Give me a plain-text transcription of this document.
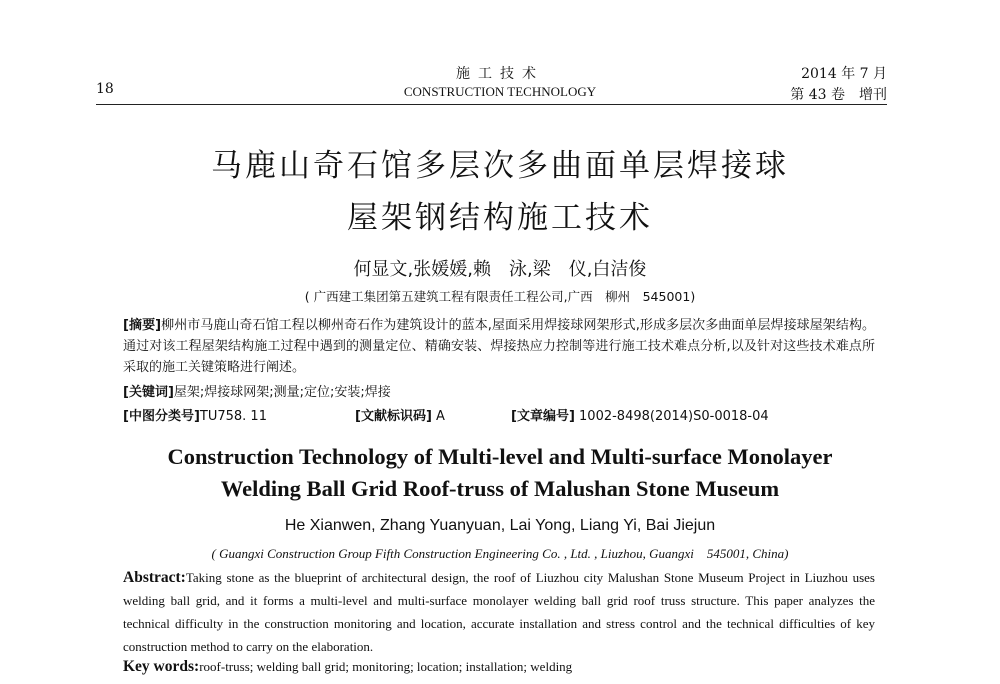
18
施工技术
CONSTRUCTION TECHNOLOGY
2014 年 7 月
第 43 卷　增刊
马鹿山奇石馆多层次多曲面单层焊接球
屋架钢结构施工技术
何显文,张媛媛,赖　泳,梁　仪,白洁俊
( 广西建工集团第五建筑工程有限责任工程公司,广西　柳州　545001)
[摘要]柳州市马鹿山奇石馆工程以柳州奇石作为建筑设计的蓝本,屋面采用焊接球网架形式,形成多层次多曲面单层焊接球屋架结构。通过对该工程屋架结构施工过程中遇到的测量定位、精确安装、焊接热应力控制等进行施工技术难点分析,以及针对这些技术难点所采取的施工关键策略进行阐述。
[关键词]屋架;焊接球网架;测量;定位;安装;焊接
[中图分类号]TU758. 11	[文献标识码] A	[文章编号] 1002-8498(2014)S0-0018-04
Construction Technology of Multi-level and Multi-surface Monolayer
Welding Ball Grid Roof-truss of Malushan Stone Museum
He Xianwen, Zhang Yuanyuan, Lai Yong, Liang Yi, Bai Jiejun
( Guangxi Construction Group Fifth Construction Engineering Co. , Ltd. , Liuzhou, Guangxi　545001, China)
Abstract:Taking stone as the blueprint of architectural design, the roof of Liuzhou city Malushan Stone Museum Project in Liuzhou uses welding ball grid, and it forms a multi-level and multi-surface monolayer welding ball grid roof truss structure. This paper analyzes the technical difficulty in the construction monitoring and location, accurate installation and stress control and the technical difficulties of key construction method to carry on the elaboration.
Key words:roof-truss; welding ball grid; monitoring; location; installation; welding
